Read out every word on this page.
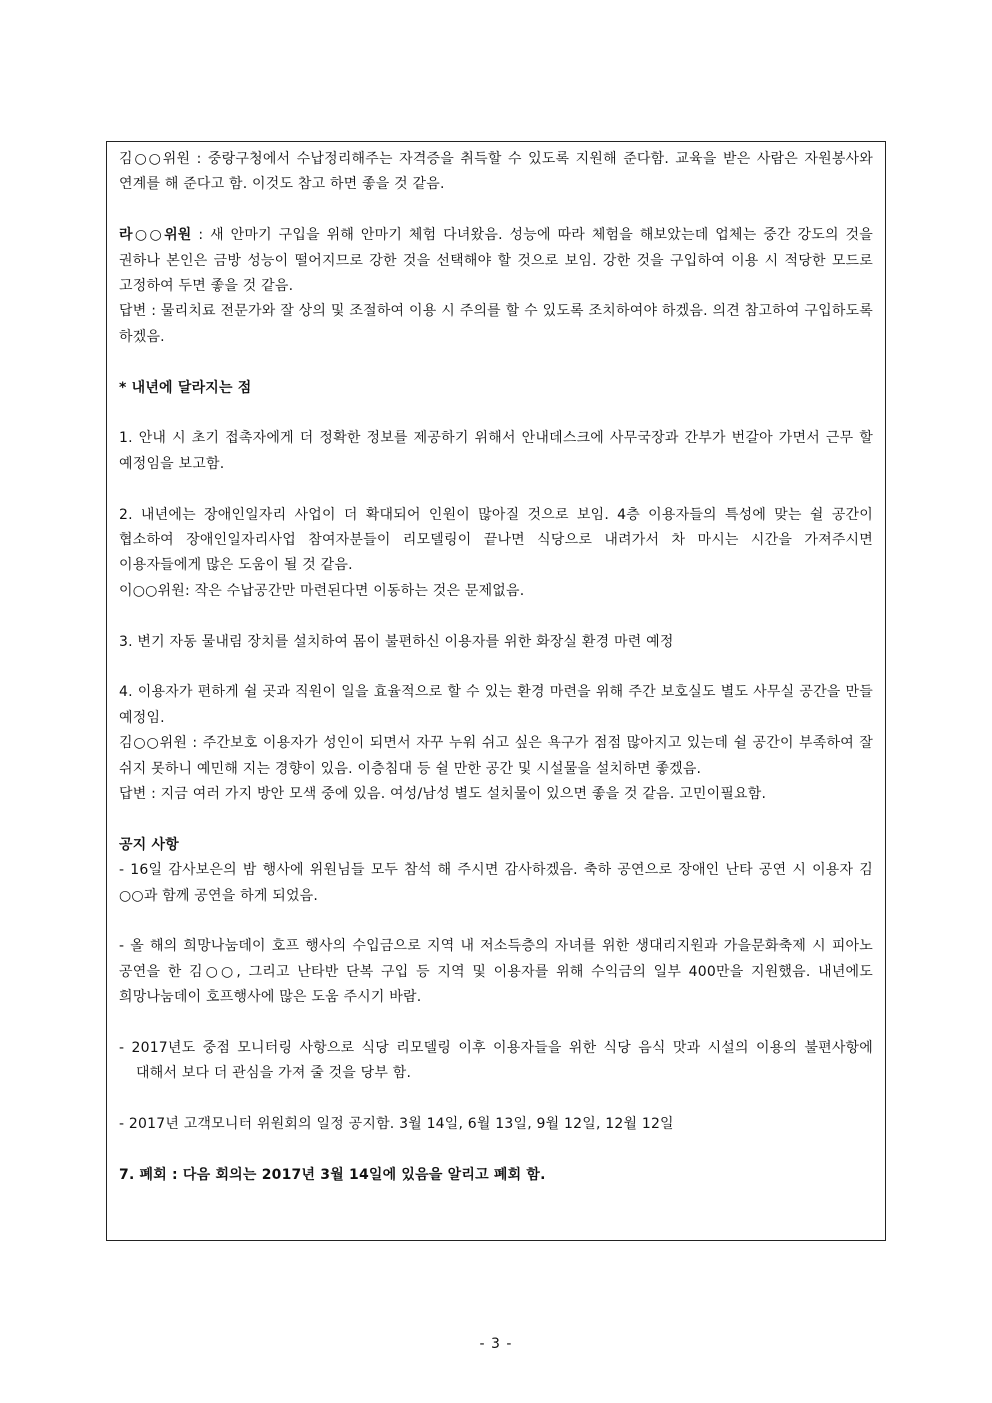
김○○위원 : 중랑구청에서 수납정리해주는 자격증을 취득할 수 있도록 지원해 준다함. 교육을 받은 사람은 자원봉사와 연계를 해 준다고 함. 이것도 참고 하면 좋을 것 같음.

라○○위원 : 새 안마기 구입을 위해 안마기 체험 다녀왔음. 성능에 따라 체험을 해보았는데 업체는 중간 강도의 것을 권하나 본인은 금방 성능이 떨어지므로 강한 것을 선택해야 할 것으로 보임. 강한 것을 구입하여 이용 시 적당한 모드로 고정하여 두면 좋을 것 같음.

답변 : 물리치료 전문가와 잘 상의 및 조절하여 이용 시 주의를 할 수 있도록 조치하여야 하겠음. 의견 참고하여 구입하도록 하겠음.

* 내년에 달라지는 점

1. 안내 시 초기 접촉자에게 더 정확한 정보를 제공하기 위해서 안내데스크에 사무국장과 간부가 번갈아 가면서 근무 할 예정임을 보고함.

2. 내년에는 장애인일자리 사업이 더 확대되어 인원이 많아질 것으로 보임. 4층 이용자들의 특성에 맞는 쉴 공간이 협소하여 장애인일자리사업 참여자분들이 리모델링이 끝나면 식당으로 내려가서 차 마시는 시간을 가져주시면 이용자들에게 많은 도움이 될 것 같음.

이○○위원: 작은 수납공간만 마련된다면 이동하는 것은 문제없음.

3. 변기 자동 물내림 장치를 설치하여 몸이 불편하신 이용자를 위한 화장실 환경 마련 예정

4. 이용자가 편하게 쉴 곳과 직원이 일을 효율적으로 할 수 있는 환경 마련을 위해 주간 보호실도 별도 사무실 공간을 만들 예정임.

김○○위원 : 주간보호 이용자가 성인이 되면서 자꾸 누워 쉬고 싶은 욕구가 점점 많아지고 있는데 쉴 공간이 부족하여 잘 쉬지 못하니 예민해 지는 경향이 있음. 이층침대 등 쉴 만한 공간 및 시설물을 설치하면 좋겠음.

답변 : 지금 여러 가지 방안 모색 중에 있음. 여성/남성 별도 설치물이 있으면 좋을 것 같음. 고민이필요함.

공지 사항

- 16일 감사보은의 밤 행사에 위원님들 모두 참석 해 주시면 감사하겠음. 축하 공연으로 장애인 난타 공연 시 이용자 김○○과 함께 공연을 하게 되었음.

- 올 해의 희망나눔데이 호프 행사의 수입금으로 지역 내 저소득층의 자녀를 위한 생대리지원과 가을문화축제 시 피아노 공연을 한 김○○, 그리고 난타반 단복 구입 등 지역 및 이용자를 위해 수익금의 일부 400만을 지원했음. 내년에도 희망나눔데이 호프행사에 많은 도움 주시기 바람.

- 2017년도 중점 모니터링 사항으로 식당 리모델링 이후 이용자들을 위한 식당 음식 맛과 시설의 이용의 불편사항에 대해서 보다 더 관심을 가져 줄 것을 당부 함.

- 2017년 고객모니터 위원회의 일정 공지함. 3월 14일, 6월 13일, 9월 12일, 12월 12일

7. 폐회 : 다음 회의는 2017년 3월 14일에 있음을 알리고 폐회 함.

- 3 -
